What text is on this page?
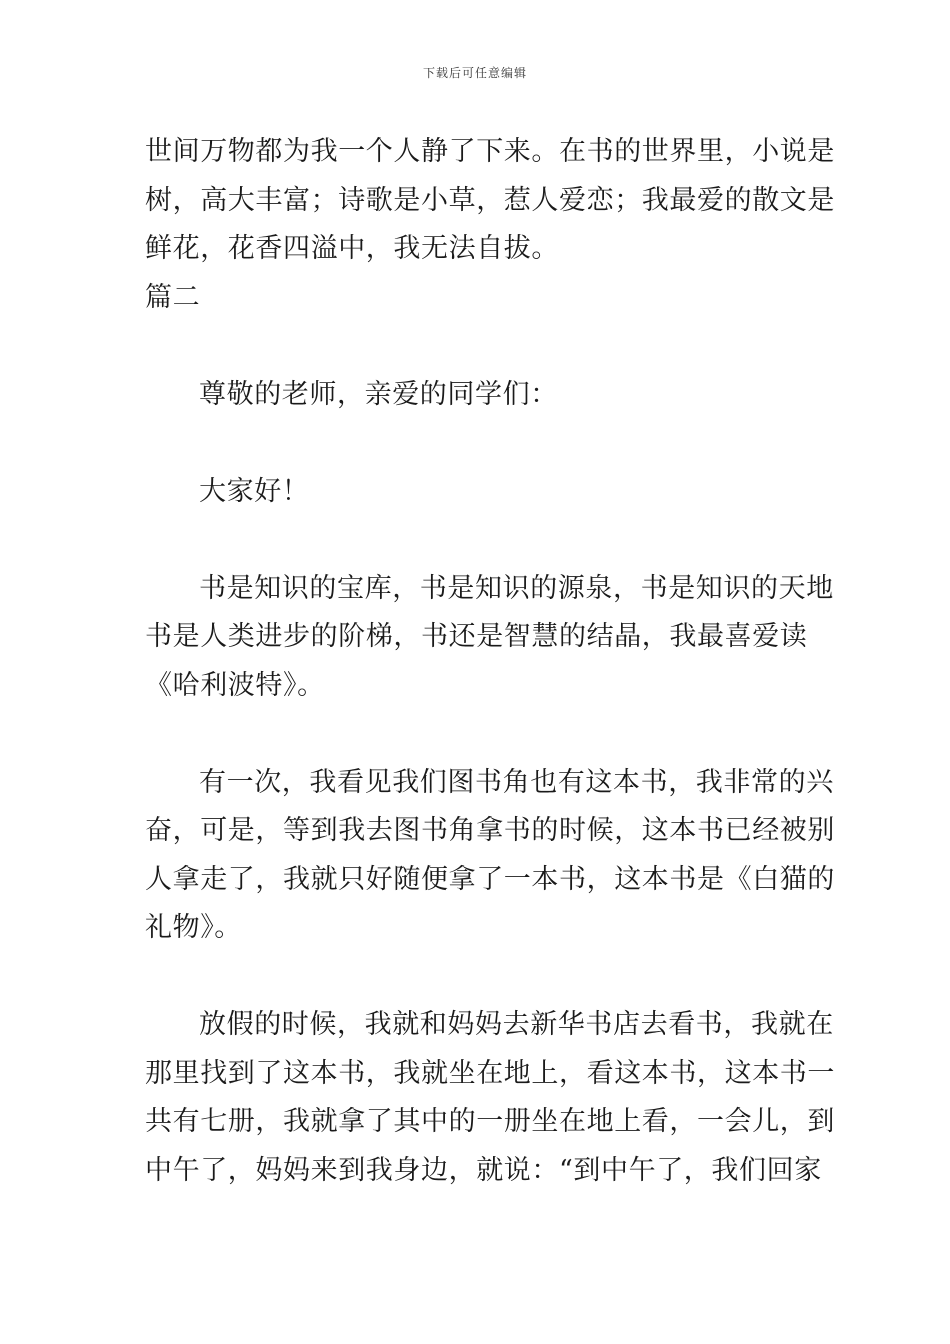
下载后可任意编辑
世间万物都为我一个人静了下来。在书的世界里，小说是
树，高大丰富；诗歌是小草，惹人爱恋；我最爱的散文是
鲜花，花香四溢中，我无法自拔。
篇二
尊敬的老师，亲爱的同学们：
大家好！
书是知识的宝库，书是知识的源泉，书是知识的天地
书是人类进步的阶梯，书还是智慧的结晶，我最喜爱读
《哈利波特》。
有一次，我看见我们图书角也有这本书，我非常的兴
奋，可是，等到我去图书角拿书的时候，这本书已经被别
人拿走了，我就只好随便拿了一本书，这本书是《白猫的
礼物》。
放假的时候，我就和妈妈去新华书店去看书，我就在
那里找到了这本书，我就坐在地上，看这本书，这本书一
共有七册，我就拿了其中的一册坐在地上看，一会儿，到
中午了，妈妈来到我身边，就说：“到中午了，我们回家
